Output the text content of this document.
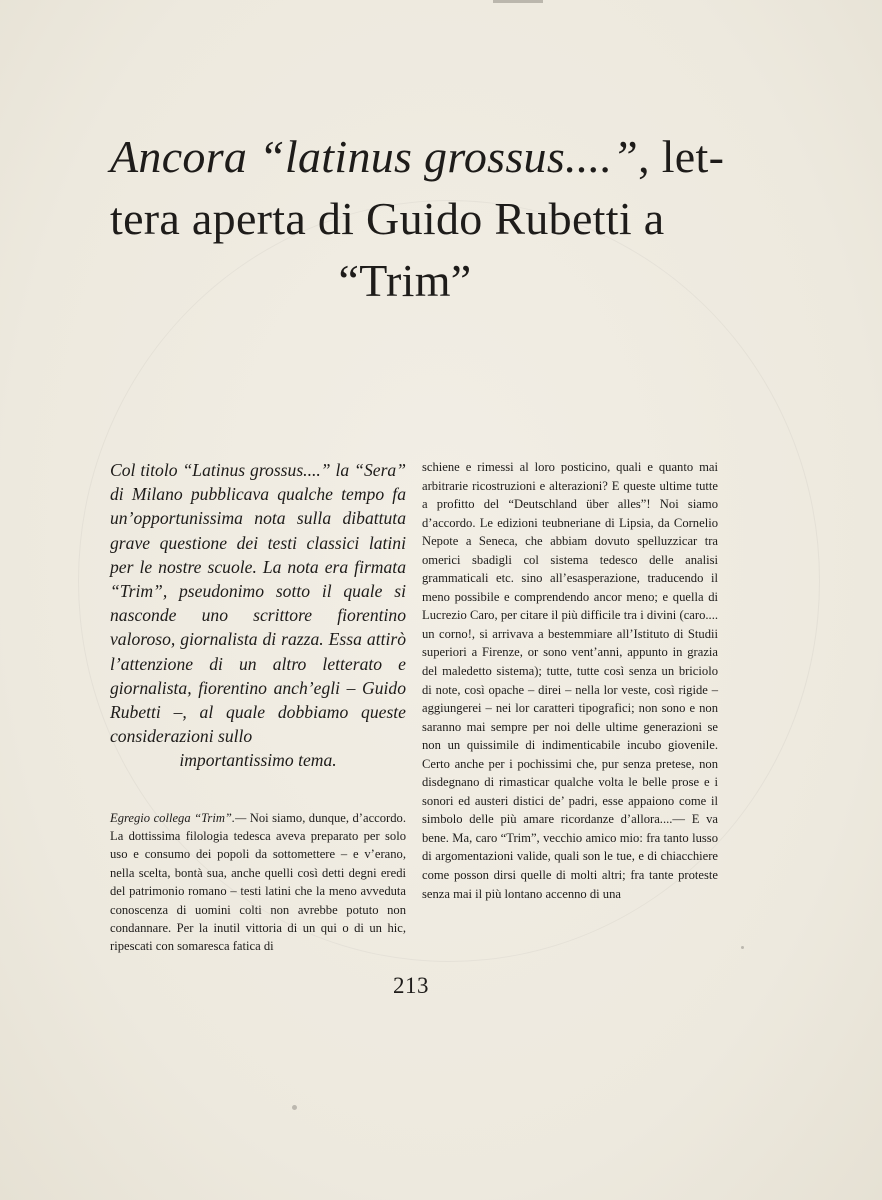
Ancora “latinus grossus....”, let-
tera aperta di Guido Rubetti a

“Trim”

Col titolo “Latinus grossus....” la “Sera” di Milano pubblicava qualche tempo fa un’opportunissima nota sulla dibattuta grave questione dei testi classici latini per le nostre scuole. La nota era firmata “Trim”, pseudonimo sotto il quale si nasconde uno scrittore fiorentino valoroso, giornalista di razza. Essa attirò l’attenzione di un altro letterato e giornalista, fiorentino anch’egli – Guido Rubetti –, al quale dobbiamo queste considerazioni sullo
importantissimo tema.

Egregio collega “Trim”.— Noi siamo, dunque, d’accordo. La dottissima filologia tedesca aveva preparato per solo uso e consumo dei popoli da sottomettere – e v’erano, nella scelta, bontà sua, anche quelli così detti degni eredi del patrimonio romano – testi latini che la meno avveduta conoscenza di uomini colti non avrebbe potuto non condannare. Per la inutil vittoria di un qui o di un hic, ripescati con somaresca fatica di

schiene e rimessi al loro posticino, quali e quanto mai arbitrarie ricostruzioni e alterazioni? E queste ultime tutte a profitto del “Deutschland über alles”! Noi siamo d’accordo. Le edizioni teubneriane di Lipsia, da Cornelio Nepote a Seneca, che abbiam dovuto spelluzzicar tra omerici sbadigli col sistema tedesco delle analisi grammaticali etc. sino all’esasperazione, traducendo il meno possibile e comprendendo ancor meno; e quella di Lucrezio Caro, per citare il più difficile tra i divini (caro.... un corno!, si arrivava a bestemmiare all’Istituto di Studii superiori a Firenze, or sono vent’anni, appunto in grazia del maledetto sistema); tutte, tutte così senza un briciolo di note, così opache – direi – nella lor veste, così rigide – aggiungerei – nei lor caratteri tipografici; non sono e non saranno mai sempre per noi delle ultime generazioni se non un quissimile di indimenticabile incubo giovenile. Certo anche per i pochissimi che, pur senza pretese, non disdegnano di rimasticar qualche volta le belle prose e i sonori ed austeri distici de’ padri, esse appaiono come il simbolo delle più amare ricordanze d’allora....— E va bene. Ma, caro “Trim”, vecchio amico mio: fra tanto lusso di argomentazioni valide, quali son le tue, e di chiacchiere come posson dirsi quelle di molti altri; fra tante proteste senza mai il più lontano accenno di una

213
